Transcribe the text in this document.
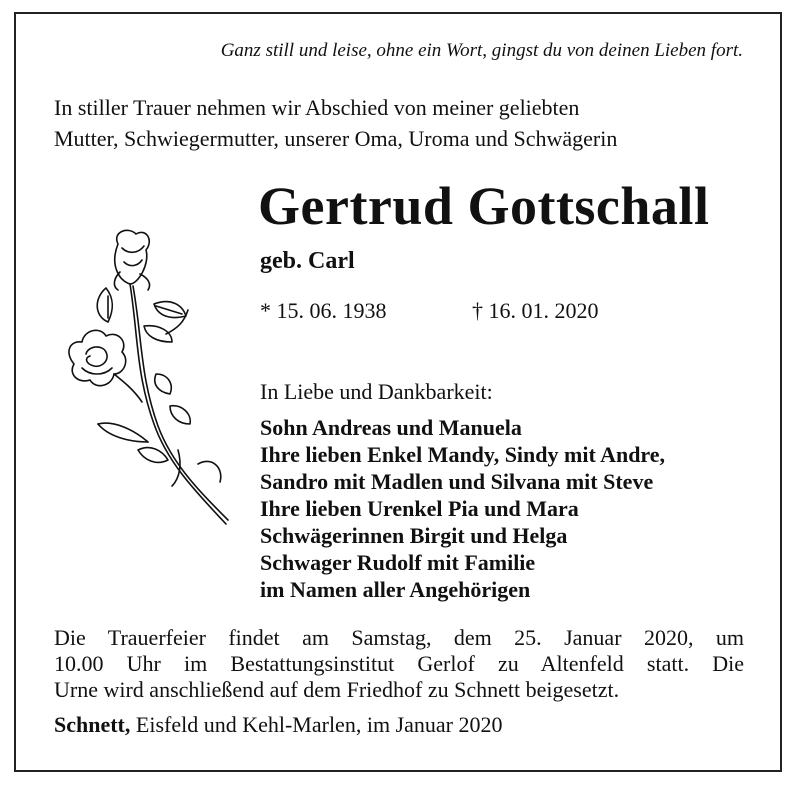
Ganz still und leise, ohne ein Wort, gingst du von deinen Lieben fort.
In stiller Trauer nehmen wir Abschied von meiner geliebten
Mutter, Schwiegermutter, unserer Oma, Uroma und Schwägerin
Gertrud Gottschall
geb. Carl
* 15. 06. 1938	† 16. 01. 2020
In Liebe und Dankbarkeit:
Sohn Andreas und Manuela
Ihre lieben Enkel Mandy, Sindy mit Andre,
Sandro mit Madlen und Silvana mit Steve
Ihre lieben Urenkel Pia und Mara
Schwägerinnen Birgit und Helga
Schwager Rudolf mit Familie
im Namen aller Angehörigen
Die Trauerfeier findet am Samstag, dem 25. Januar 2020, um
10.00 Uhr im Bestattungsinstitut Gerlof zu Altenfeld statt. Die
Urne wird anschließend auf dem Friedhof zu Schnett beigesetzt.
Schnett, Eisfeld und Kehl-Marlen, im Januar 2020
